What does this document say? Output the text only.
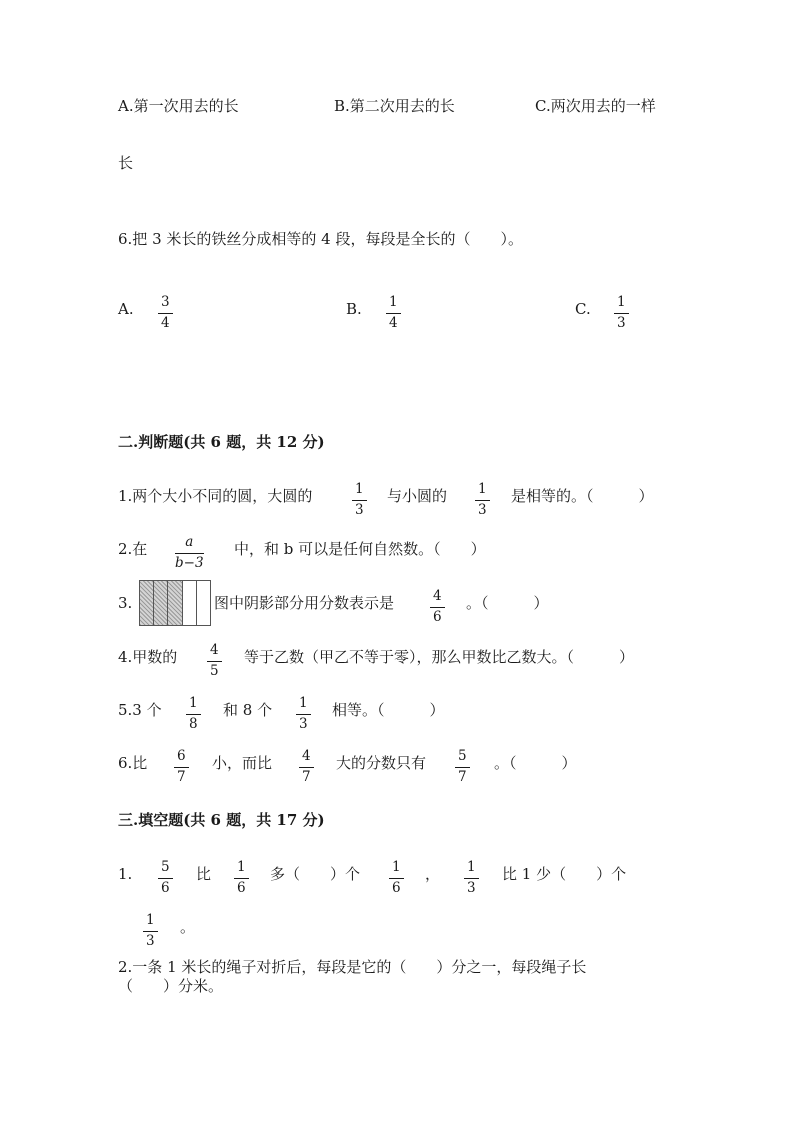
A.第一次用去的长	B.第二次用去的长	C.两次用去的一样
长
6.把 3 米长的铁丝分成相等的 4 段，每段是全长的（　　）。
A. 3
4
B. 1
4
C. 1
3
二.判断题(共 6 题，共 12 分)
1.两个大小不同的圆，大圆的	1
3
与小圆的 1
3
是相等的。（　　　）
2.在	a
b−3
中，和 b 可以是任何自然数。（　　）
3.	图中阴影部分用分数表示是	4
6
。（　　　）
4.甲数的 4
5
等于乙数（甲乙不等于零），那么甲数比乙数大。（　　　）
5.3 个 1
8
和 8 个 1
3
相等。（　　　）
6.比 6
7
小，而比 4
7
大的分数只有 5
7
。（　　　）
三.填空题(共 6 题，共 17 分)
1. 5
6
比 1
6
多（　　）个 1
6
， 1
3
比 1 少（　　）个
1
3
。
2.一条 1 米长的绳子对折后，每段是它的（　　）分之一，每段绳子长
（　　）分米。
